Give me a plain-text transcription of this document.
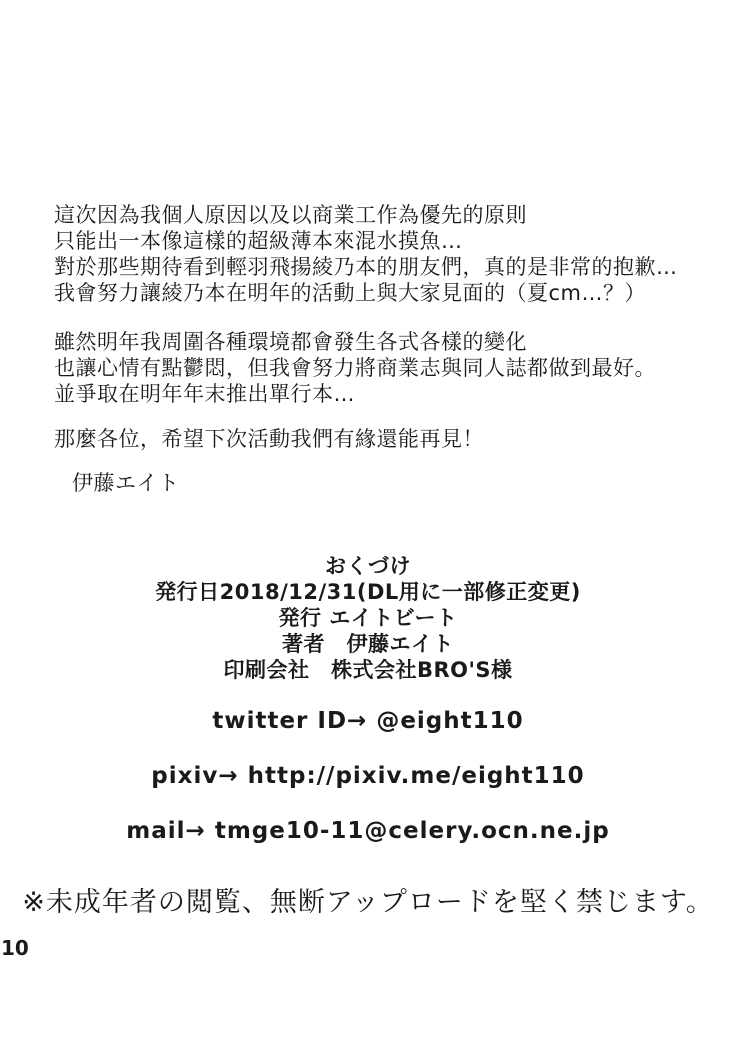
這次因為我個人原因以及以商業工作為優先的原則
只能出一本像這樣的超級薄本來混水摸魚…
對於那些期待看到輕羽飛揚綾乃本的朋友們，真的是非常的抱歉…
我會努力讓綾乃本在明年的活動上與大家見面的（夏cm…？）
雖然明年我周圍各種環境都會發生各式各樣的變化
也讓心情有點鬱悶，但我會努力將商業志與同人誌都做到最好。
並爭取在明年年末推出單行本…
那麼各位，希望下次活動我們有緣還能再見！
伊藤エイト
おくづけ
発行日2018/12/31(DL用に一部修正変更)
発行 エイトビート
著者　伊藤エイト
印刷会社　株式会社BRO'S様
twitter ID→ @eight110
pixiv→ http://pixiv.me/eight110
mail→ tmge10-11@celery.ocn.ne.jp
※未成年者の閲覧、無断アップロードを堅く禁じます。
10
